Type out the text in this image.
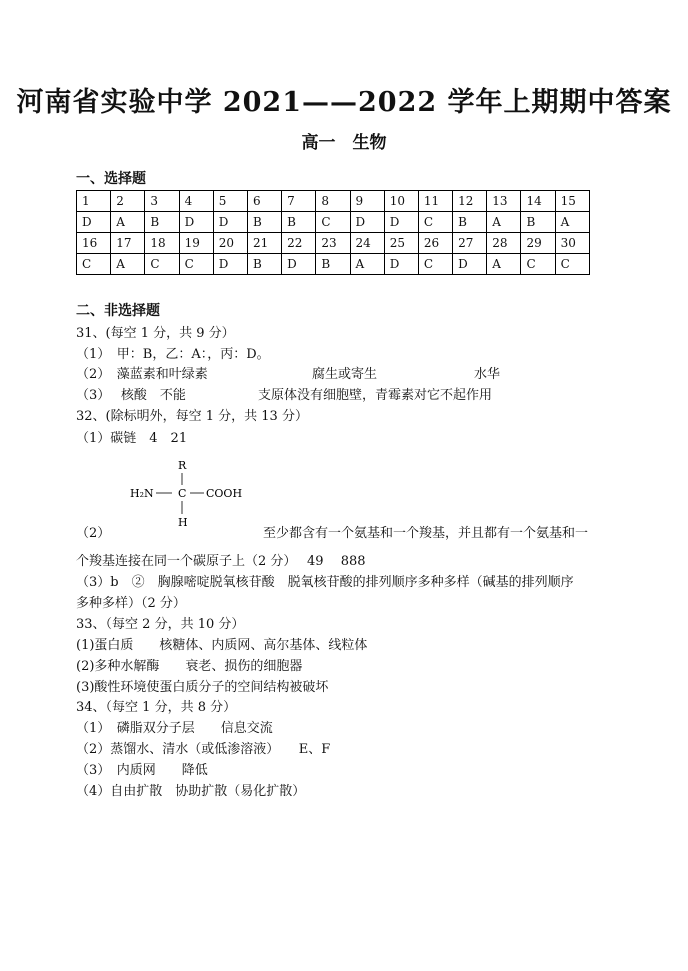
河南省实验中学 2021——2022 学年上期期中答案
高一　生物
一、选择题
1	2	3	4	5	6	7	8	9	10	11	12	13	14	15
D	A	B	D	D	B	B	C	D	D	C	B	A	B	A
16	17	18	19	20	21	22	23	24	25	26	27	28	29	30
C	A	C	C	D	B	D	B	A	D	C	D	A	C	C
二、非选择题
31、(每空 1 分，共 9 分）
（1）　甲：B，乙：A：，丙：D。
（2）　藻蓝素和叶绿素	腐生或寄生	水华
（3）　 核酸　不能	支原体没有细胞壁，青霉素对它不起作用
32、(除标明外，每空 1 分，共 13 分）
（1）碳链　4　21
R
H₂N C COOH
H
（2）	至少都含有一个氨基和一个羧基，并且都有一个氨基和一
个羧基连接在同一个碳原子上（2 分）　 49　 888
（3）b　②　胸腺嘧啶脱氧核苷酸　脱氧核苷酸的排列顺序多种多样（碱基的排列顺序
多种多样）（2 分）
33、（每空 2 分，共 10 分）
(1)蛋白质　　核糖体、内质网、高尔基体、线粒体
(2)多种水解酶　　衰老、损伤的细胞器
(3)酸性环境使蛋白质分子的空间结构被破坏
34、（每空 1 分，共 8 分）
（1）　磷脂双分子层　　信息交流
（2）蒸馏水、清水（或低渗溶液）　　E、F
（3）　内质网　　降低
（4）自由扩散　协助扩散（易化扩散）
